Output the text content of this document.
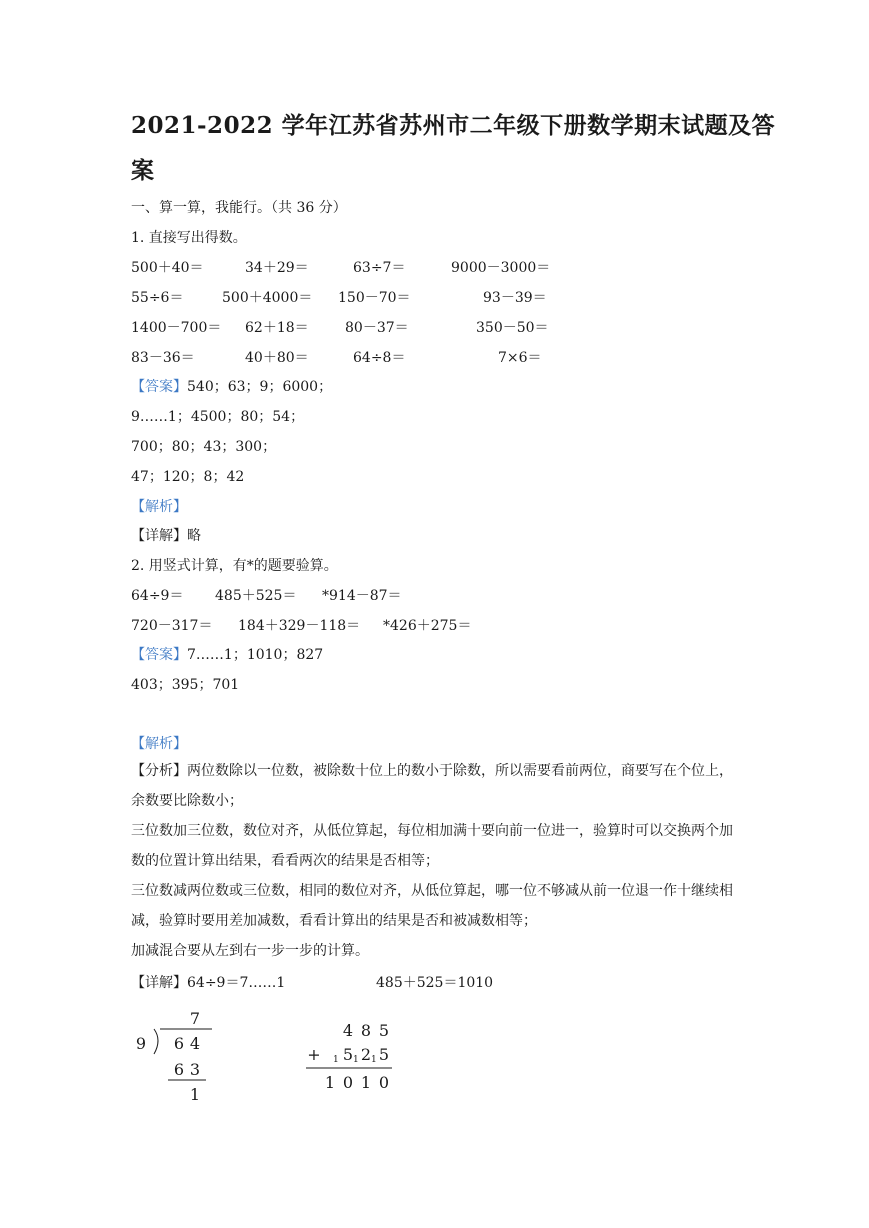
2021-2022 学年江苏省苏州市二年级下册数学期末试题及答
案
一、算一算，我能行。（共 36 分）
1. 直接写出得数。
500＋40＝	34＋29＝	63÷7＝	9000－3000＝
55÷6＝	500＋4000＝ 150－70＝	93－39＝
1400－700＝ 62＋18＝	80－37＝	350－50＝
83－36＝	40＋80＝	64÷8＝	7×6＝
【答案】540；63；9；6000；
9……1；4500；80；54；
700；80；43；300；
47；120；8；42
【解析】
【详解】略
2. 用竖式计算，有*的题要验算。
64÷9＝ 485＋525＝ *914－87＝
720－317＝ 184＋329－118＝ *426＋275＝
【答案】7……1；1010；827
403；395；701
【解析】
【分析】两位数除以一位数，被除数十位上的数小于除数，所以需要看前两位，商要写在个位上，余数要比除数小；
三位数加三位数，数位对齐，从低位算起，每位相加满十要向前一位进一，验算时可以交换两个加数的位置计算出结果，看看两次的结果是否相等；
三位数减两位数或三位数，相同的数位对齐，从低位算起，哪一位不够减从前一位退一作十继续相减，验算时要用差加减数，看看计算出的结果是否和被减数相等；
加减混合要从左到右一步一步的计算。
【详解】64÷9＝7……1	485＋525＝1010
7
9 6 4
6 3
1
4 8 5
+ 1 5 1 2 1 5
1 0 1 0
